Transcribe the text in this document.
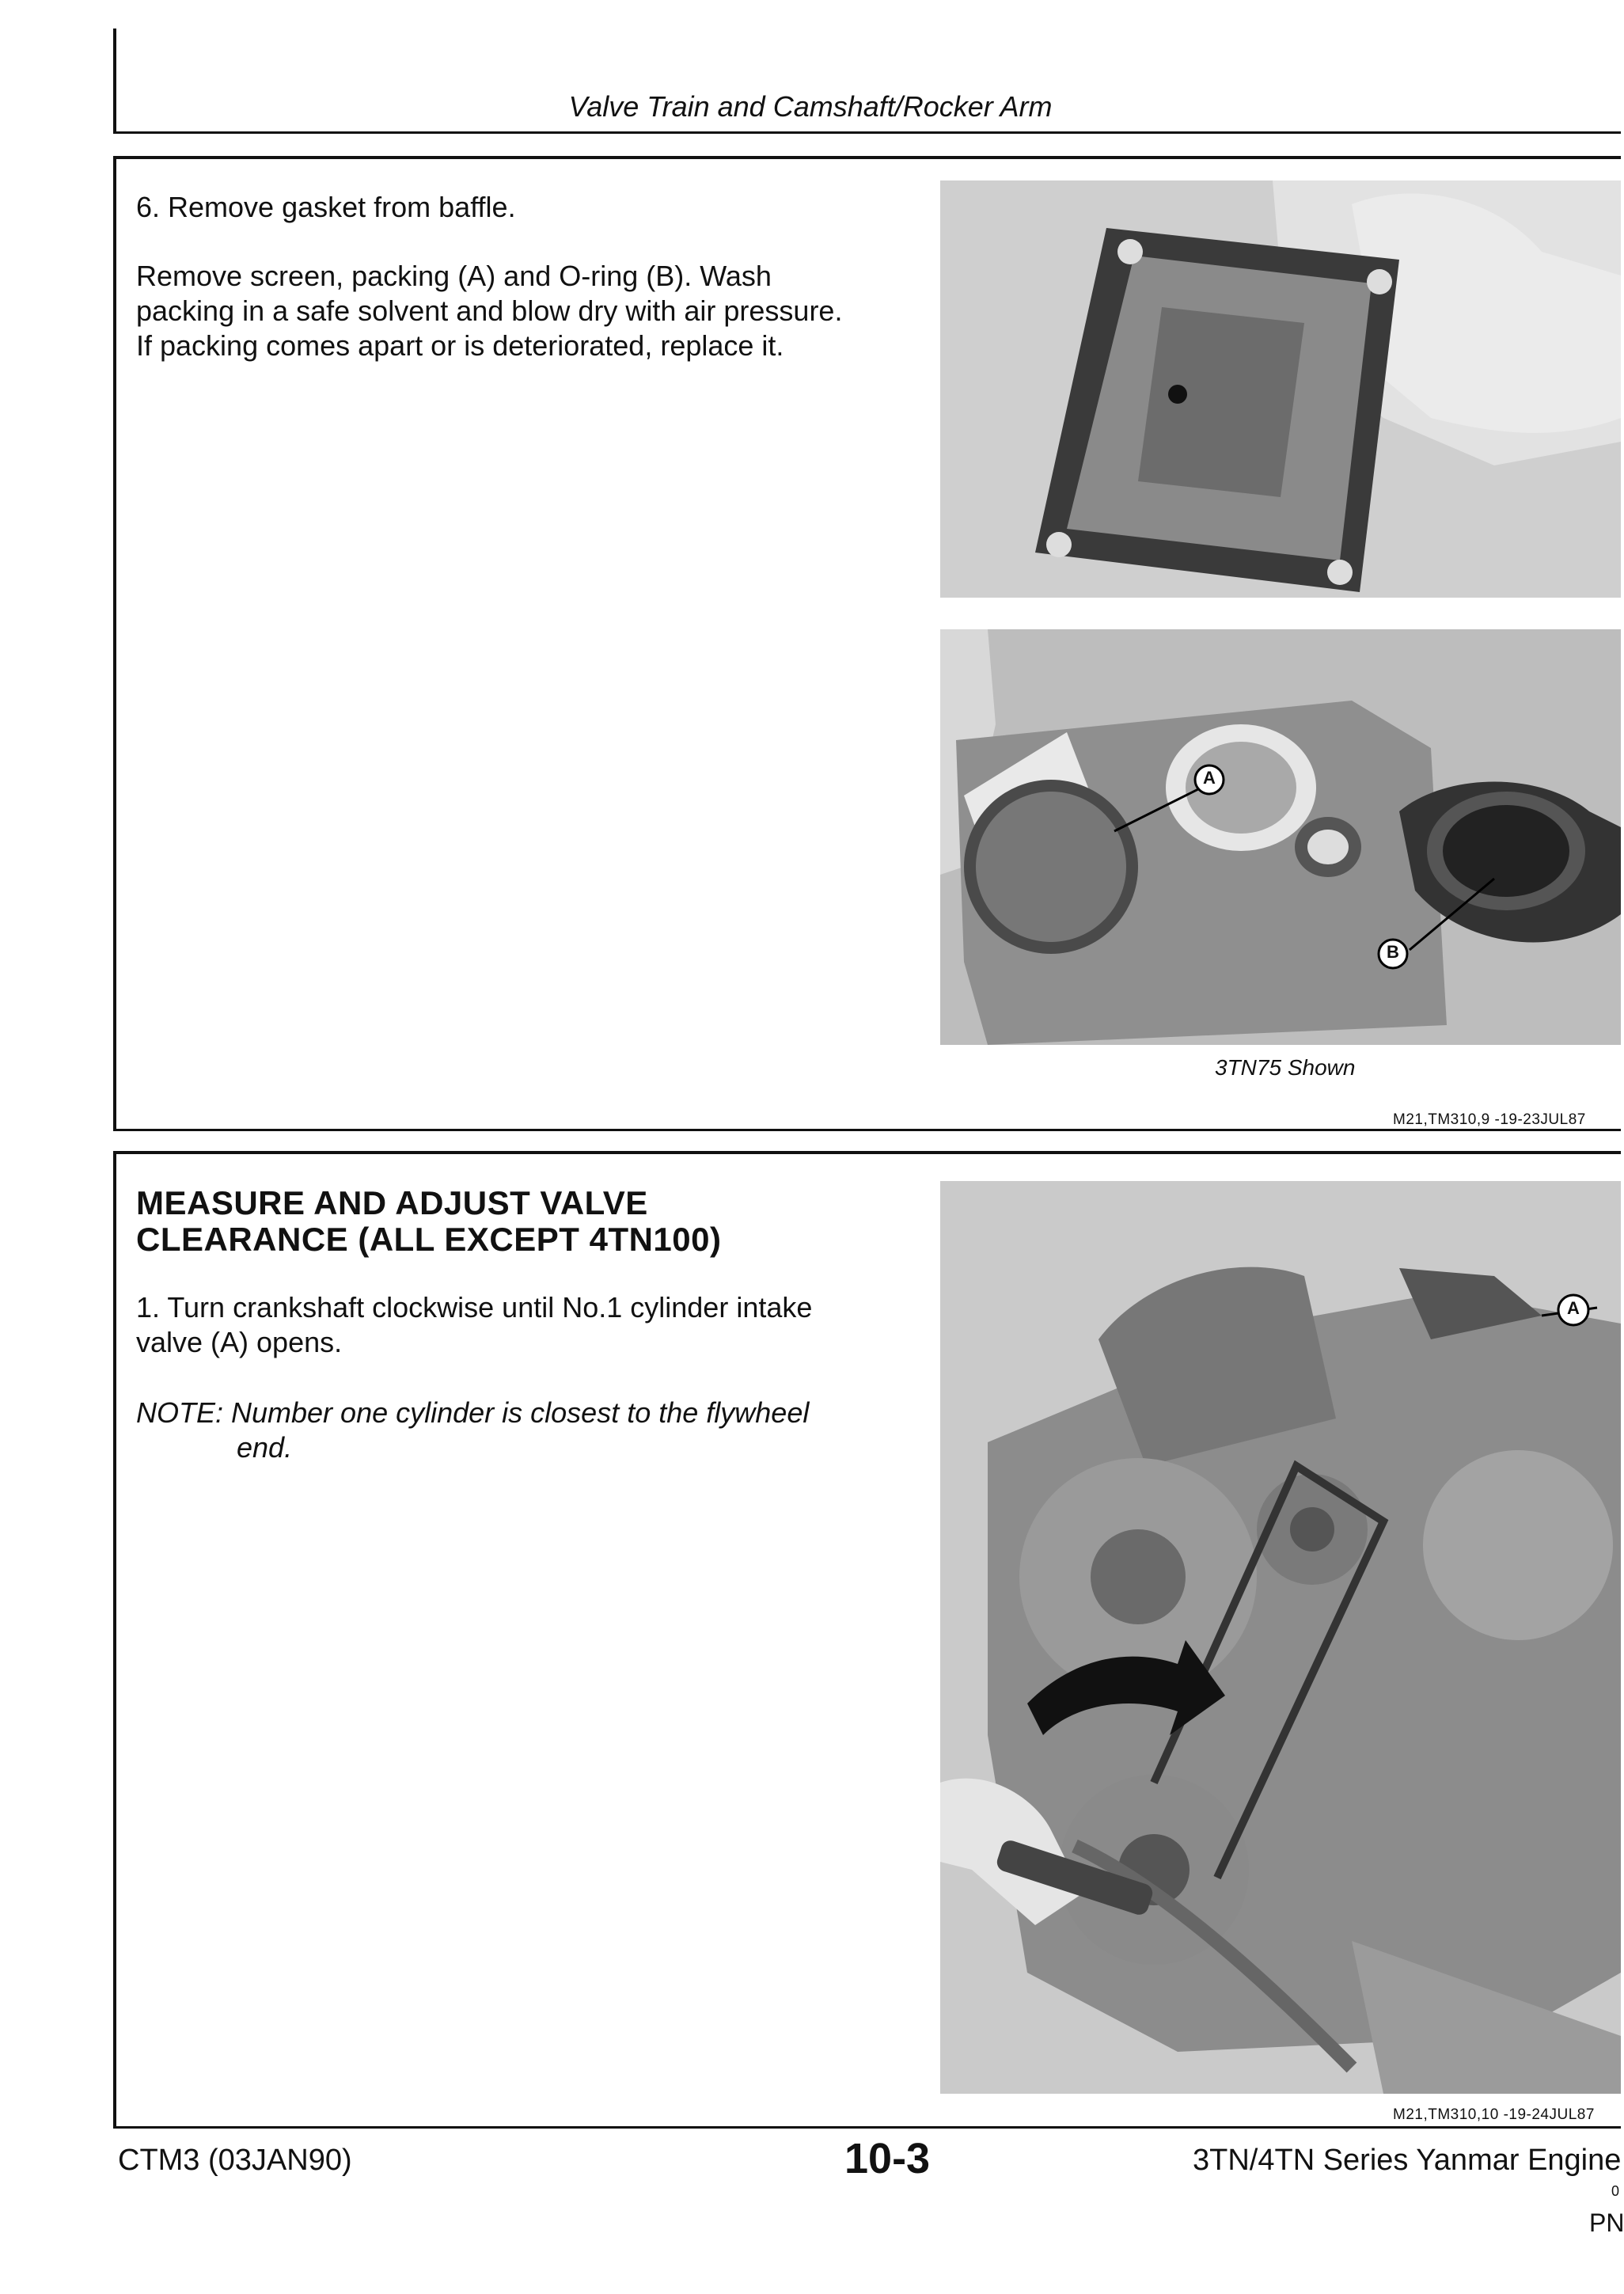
Valve Train and Camshaft/Rocker Arm
6. Remove gasket from baffle.
Remove screen, packing (A) and O-ring (B). Wash
packing in a safe solvent and blow dry with air pressure.
If packing comes apart or is deteriorated, replace it.
A
B
3TN75 Shown
M21,TM310,9 -19-23JUL87
MEASURE AND ADJUST VALVE
CLEARANCE (ALL EXCEPT 4TN100)
1. Turn crankshaft clockwise until No.1 cylinder intake
valve (A) opens.
NOTE: Number one cylinder is closest to the flywheel
end.
A
M21,TM310,10 -19-24JUL87
CTM3 (03JAN90)	10-3	3TN/4TN Series Yanmar Engine
0
PN
